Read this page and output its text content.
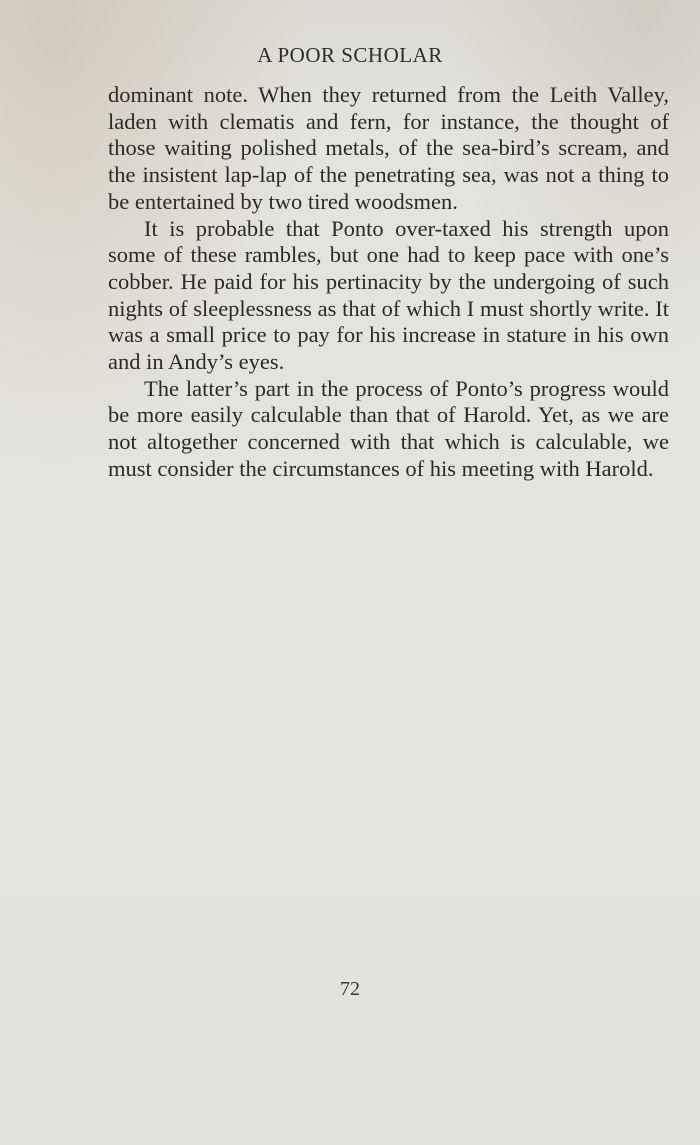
A POOR SCHOLAR

dominant note. When they returned from the Leith Valley, laden with clematis and fern, for instance, the thought of those waiting polished metals, of the sea-bird’s scream, and the insistent lap-lap of the penetrating sea, was not a thing to be entertained by two tired woodsmen.

It is probable that Ponto over-taxed his strength upon some of these rambles, but one had to keep pace with one’s cobber. He paid for his pertinacity by the undergoing of such nights of sleeplessness as that of which I must shortly write. It was a small price to pay for his increase in stature in his own and in Andy’s eyes.

The latter’s part in the process of Ponto’s progress would be more easily calculable than that of Harold. Yet, as we are not altogether concerned with that which is calculable, we must consider the circumstances of his meeting with Harold.

72
